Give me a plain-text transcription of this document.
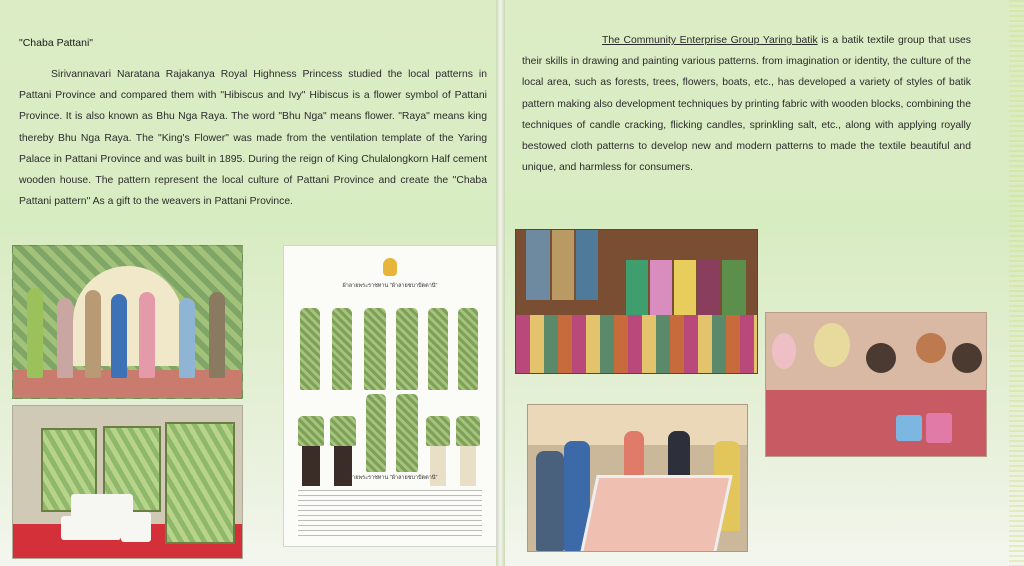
"Chaba Pattani"
Sirivannavari Naratana Rajakanya Royal Highness Princess studied the local patterns in Pattani Province and compared them with "Hibiscus and Ivy" Hibiscus is a flower symbol of Pattani Province. It is also known as Bhu Nga Raya. The word "Bhu Nga" means flower. "Raya" means king thereby Bhu Nga Raya. The "King's Flower" was made from the ventilation template of the Yaring Palace in Pattani Province and was built in 1895. During the reign of King Chulalongkorn Half cement wooden house. The pattern represent the local culture of Pattani Province and create the "Chaba Pattani pattern" As a gift to the weavers in Pattani Province.
The Community Enterprise Group Yaring batik is a batik textile group that uses their skills in drawing and painting various patterns. from imagination or identity, the culture of the local area, such as forests, trees, flowers, boats, etc., has developed a variety of styles of batik pattern making also development techniques by printing fabric with wooden blocks, combining the techniques of candle cracking, flicking candles, sprinkling salt, etc., along with applying royally bestowed cloth patterns to develop new and modern patterns to made the textile beautiful and unique, and harmless for consumers.
ผ้าลายพระราชทาน "ผ้าลายชบาปัตตานี"
ผ้าลายพระราชทาน "ผ้าลายชบาปัตตานี"
